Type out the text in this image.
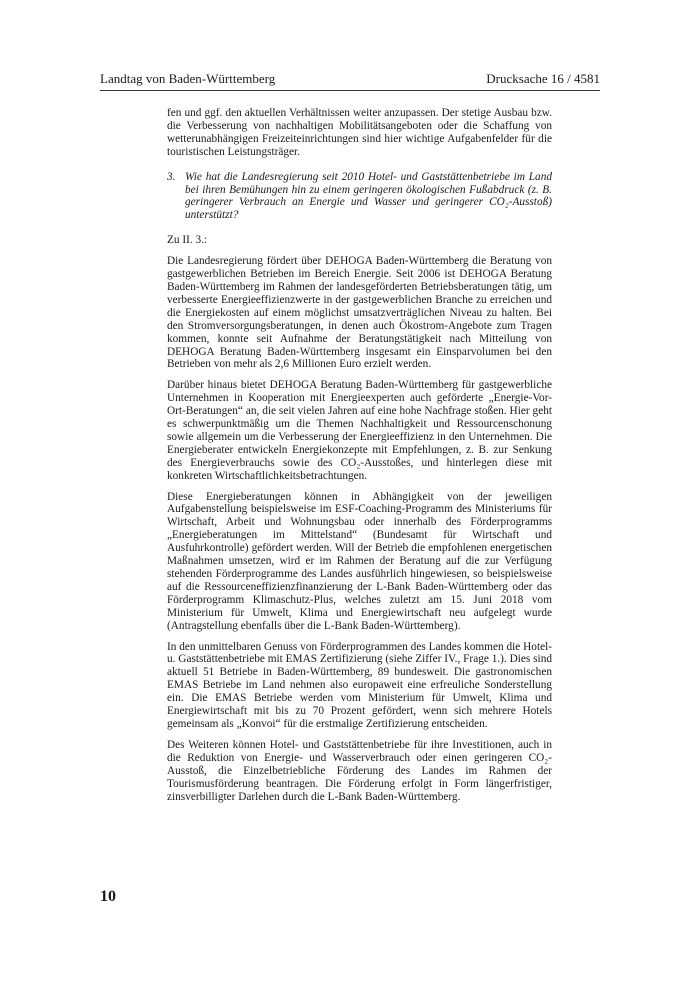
Landtag von Baden-Württemberg	Drucksache 16 / 4581

fen und ggf. den aktuellen Verhältnissen weiter anzupassen. Der stetige Ausbau bzw. die Verbesserung von nachhaltigen Mobilitätsangeboten oder die Schaffung von wetterunabhängigen Freizeiteinrichtungen sind hier wichtige Aufgabenfelder für die touristischen Leistungsträger.

3. Wie hat die Landesregierung seit 2010 Hotel- und Gaststättenbetriebe im Land bei ihren Bemühungen hin zu einem geringeren ökologischen Fußabdruck (z. B. geringerer Verbrauch an Energie und Wasser und geringerer CO₂-Ausstoß) unterstützt?

Zu II. 3.:

Die Landesregierung fördert über DEHOGA Baden-Württemberg die Beratung von gastgewerblichen Betrieben im Bereich Energie. Seit 2006 ist DEHOGA Beratung Baden-Württemberg im Rahmen der landesgeförderten Betriebsberatungen tätig, um verbesserte Energieeffizienzwerte in der gastgewerblichen Branche zu erreichen und die Energiekosten auf einem möglichst umsatzverträglichen Niveau zu halten. Bei den Stromversorgungsberatungen, in denen auch Ökostrom-Angebote zum Tragen kommen, konnte seit Aufnahme der Beratungstätigkeit nach Mitteilung von DEHOGA Beratung Baden-Württemberg insgesamt ein Einsparvolumen bei den Betrieben von mehr als 2,6 Millionen Euro erzielt werden.

Darüber hinaus bietet DEHOGA Beratung Baden-Württemberg für gastgewerbliche Unternehmen in Kooperation mit Energieexperten auch geförderte „Energie-Vor-Ort-Beratungen“ an, die seit vielen Jahren auf eine hohe Nachfrage stoßen. Hier geht es schwerpunktmäßig um die Themen Nachhaltigkeit und Ressourcenschonung sowie allgemein um die Verbesserung der Energieeffizienz in den Unternehmen. Die Energieberater entwickeln Energiekonzepte mit Empfehlungen, z. B. zur Senkung des Energieverbrauchs sowie des CO₂-Ausstoßes, und hinterlegen diese mit konkreten Wirtschaftlichkeitsbetrachtungen.

Diese Energieberatungen können in Abhängigkeit von der jeweiligen Aufgabenstellung beispielsweise im ESF-Coaching-Programm des Ministeriums für Wirtschaft, Arbeit und Wohnungsbau oder innerhalb des Förderprogramms „Energieberatungen im Mittelstand“ (Bundesamt für Wirtschaft und Ausfuhrkontrolle) gefördert werden. Will der Betrieb die empfohlenen energetischen Maßnahmen umsetzen, wird er im Rahmen der Beratung auf die zur Verfügung stehenden Förderprogramme des Landes ausführlich hingewiesen, so beispielsweise auf die Ressourceneffizienzfinanzierung der L-Bank Baden-Württemberg oder das Förderprogramm Klimaschutz-Plus, welches zuletzt am 15. Juni 2018 vom Ministerium für Umwelt, Klima und Energiewirtschaft neu aufgelegt wurde (Antragstellung ebenfalls über die L-Bank Baden-Württemberg).

In den unmittelbaren Genuss von Förderprogrammen des Landes kommen die Hotel- u. Gaststättenbetriebe mit EMAS Zertifizierung (siehe Ziffer IV., Frage 1.). Dies sind aktuell 51 Betriebe in Baden-Württemberg, 89 bundesweit. Die gastronomischen EMAS Betriebe im Land nehmen also europaweit eine erfreuliche Sonderstellung ein. Die EMAS Betriebe werden vom Ministerium für Umwelt, Klima und Energiewirtschaft mit bis zu 70 Prozent gefördert, wenn sich mehrere Hotels gemeinsam als „Konvoi“ für die erstmalige Zertifizierung entscheiden.

Des Weiteren können Hotel- und Gaststättenbetriebe für ihre Investitionen, auch in die Reduktion von Energie- und Wasserverbrauch oder einen geringeren CO₂-Ausstoß, die Einzelbetriebliche Förderung des Landes im Rahmen der Tourismusförderung beantragen. Die Förderung erfolgt in Form längerfristiger, zinsverbilligter Darlehen durch die L-Bank Baden-Württemberg.

10
